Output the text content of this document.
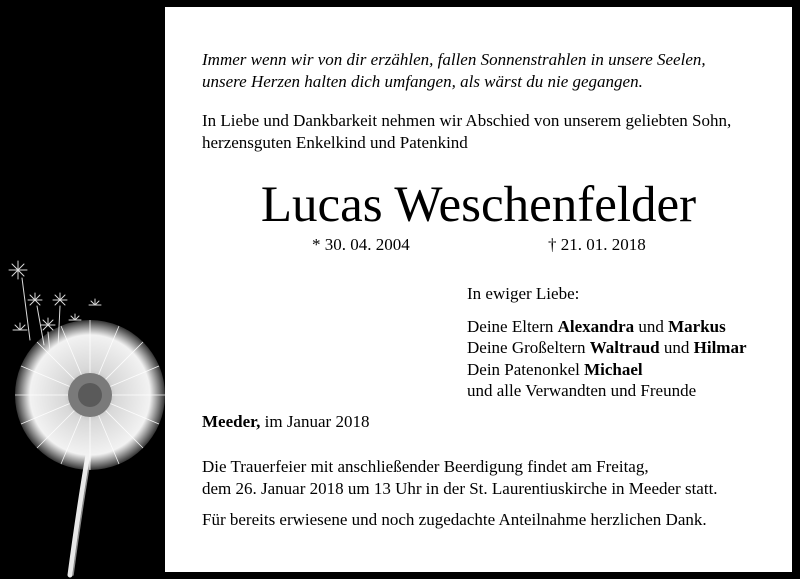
Immer wenn wir von dir erzählen, fallen Sonnenstrahlen in unsere Seelen,
unsere Herzen halten dich umfangen, als wärst du nie gegangen.
In Liebe und Dankbarkeit nehmen wir Abschied von unserem geliebten Sohn,
herzensguten Enkelkind und Patenkind
Lucas Weschenfelder
* 30. 04. 2004	† 21. 01. 2018
In ewiger Liebe:
Deine Eltern Alexandra und Markus
Deine Großeltern Waltraud und Hilmar
Dein Patenonkel Michael
und alle Verwandten und Freunde
Meeder, im Januar 2018
Die Trauerfeier mit anschließender Beerdigung findet am Freitag,
dem 26. Januar 2018 um 13 Uhr in der St. Laurentiuskirche in Meeder statt.
Für bereits erwiesene und noch zugedachte Anteilnahme herzlichen Dank.
